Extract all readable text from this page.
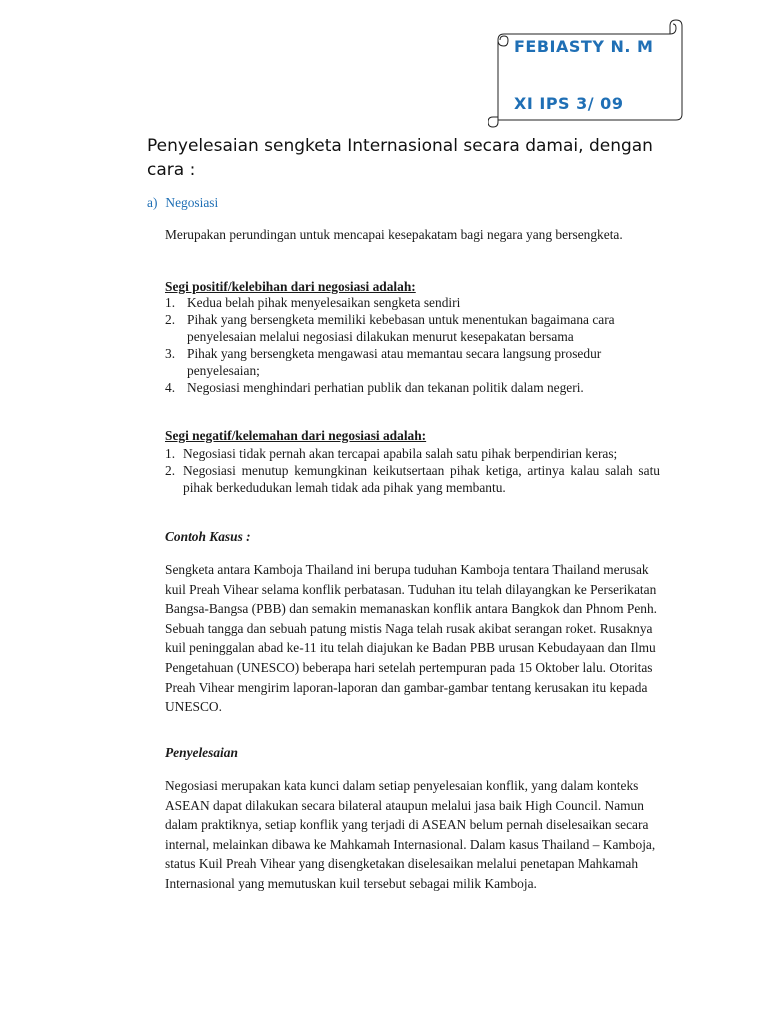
FEBIASTY N. M
XI IPS 3/ 09
Penyelesaian sengketa Internasional secara damai, dengan cara :
a) Negosiasi

Merupakan perundingan untuk mencapai kesepakatam bagi negara yang bersengketa.

Segi positif/kelebihan dari negosiasi adalah:
1. Kedua belah pihak menyelesaikan sengketa sendiri
2. Pihak yang bersengketa memiliki kebebasan untuk menentukan bagaimana cara penyelesaian melalui negosiasi dilakukan menurut kesepakatan bersama
3. Pihak yang bersengketa mengawasi atau memantau secara langsung prosedur penyelesaian;
4. Negosiasi menghindari perhatian publik dan tekanan politik dalam negeri.
Segi negatif/kelemahan dari negosiasi adalah:
1. Negosiasi tidak pernah akan tercapai apabila salah satu pihak berpendirian keras;
2. Negosiasi menutup kemungkinan keikutsertaan pihak ketiga, artinya kalau salah satu pihak berkedudukan lemah tidak ada pihak yang membantu.
Contoh Kasus :

Sengketa antara Kamboja Thailand ini berupa tuduhan Kamboja tentara Thailand merusak kuil Preah Vihear selama konflik perbatasan. Tuduhan itu telah dilayangkan ke Perserikatan Bangsa-Bangsa (PBB) dan semakin memanaskan konflik antara Bangkok dan Phnom Penh. Sebuah tangga dan sebuah patung mistis Naga telah rusak akibat serangan roket. Rusaknya kuil peninggalan abad ke-11 itu telah diajukan ke Badan PBB urusan Kebudayaan dan Ilmu Pengetahuan (UNESCO) beberapa hari setelah pertempuran pada 15 Oktober lalu. Otoritas Preah Vihear mengirim laporan-laporan dan gambar-gambar tentang kerusakan itu kepada UNESCO.

Penyelesaian

Negosiasi merupakan kata kunci dalam setiap penyelesaian konflik, yang dalam konteks ASEAN dapat dilakukan secara bilateral ataupun melalui jasa baik High Council. Namun dalam praktiknya, setiap konflik yang terjadi di ASEAN belum pernah diselesaikan secara internal, melainkan dibawa ke Mahkamah Internasional. Dalam kasus Thailand – Kamboja, status Kuil Preah Vihear yang disengketakan diselesaikan melalui penetapan Mahkamah Internasional yang memutuskan kuil tersebut sebagai milik Kamboja.
